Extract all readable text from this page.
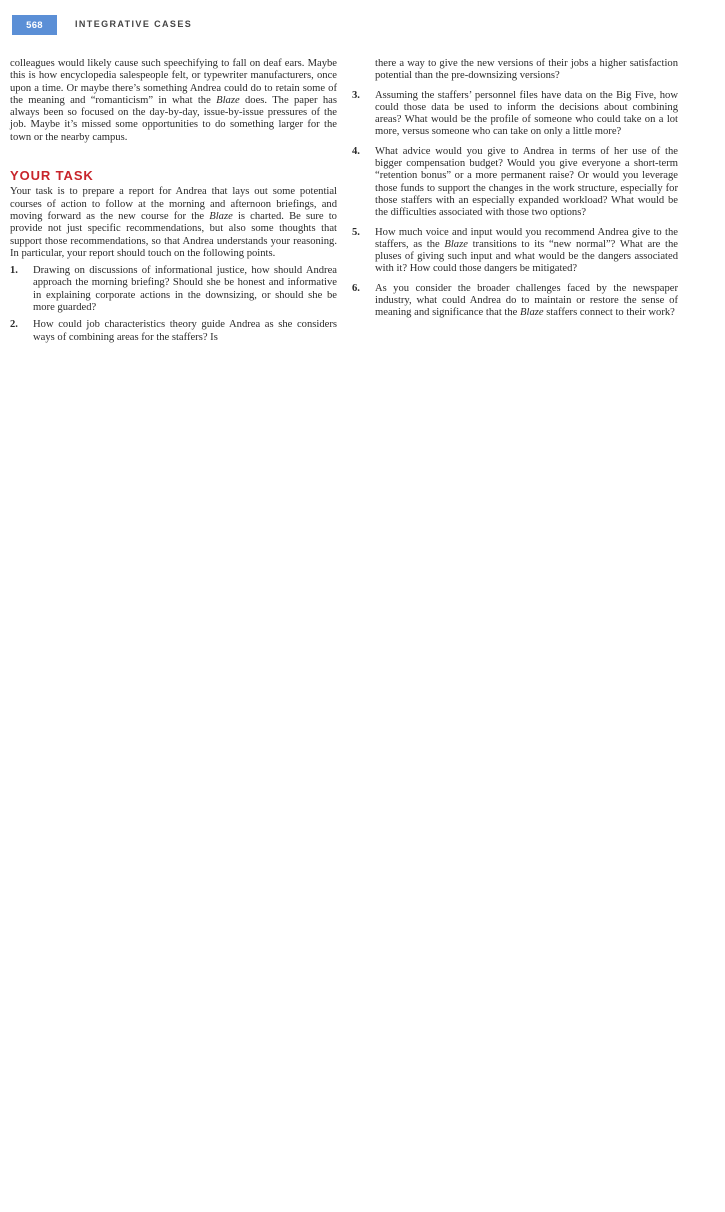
568	INTEGRATIVE CASES

colleagues would likely cause such speechifying to fall on deaf ears. Maybe this is how encyclopedia salespeople felt, or typewriter manufacturers, once upon a time. Or maybe there’s something Andrea could do to retain some of the meaning and “romanticism” in what the Blaze does. The paper has always been so focused on the day-by-day, issue-by-issue pressures of the job. Maybe it’s missed some opportunities to do something larger for the town or the nearby campus.

YOUR TASK

Your task is to prepare a report for Andrea that lays out some potential courses of action to follow at the morning and afternoon briefings, and moving forward as the new course for the Blaze is charted. Be sure to provide not just specific recommendations, but also some thoughts that support those recommendations, so that Andrea understands your reasoning. In particular, your report should touch on the following points.

1. Drawing on discussions of informational justice, how should Andrea approach the morning briefing? Should she be honest and informative in explaining corporate actions in the downsizing, or should she be more guarded?
2. How could job characteristics theory guide Andrea as she considers ways of combining areas for the staffers? Is
there a way to give the new versions of their jobs a higher satisfaction potential than the pre-downsizing versions?
3. Assuming the staffers’ personnel files have data on the Big Five, how could those data be used to inform the decisions about combining areas? What would be the profile of someone who could take on a lot more, versus someone who can take on only a little more?
4. What advice would you give to Andrea in terms of her use of the bigger compensation budget? Would you give everyone a short-term “retention bonus” or a more permanent raise? Or would you leverage those funds to support the changes in the work structure, especially for those staffers with an especially expanded workload? What would be the difficulties associated with those two options?
5. How much voice and input would you recommend Andrea give to the staffers, as the Blaze transitions to its “new normal”? What are the pluses of giving such input and what would be the dangers associated with it? How could those dangers be mitigated?
6. As you consider the broader challenges faced by the newspaper industry, what could Andrea do to maintain or restore the sense of meaning and significance that the Blaze staffers connect to their work?
